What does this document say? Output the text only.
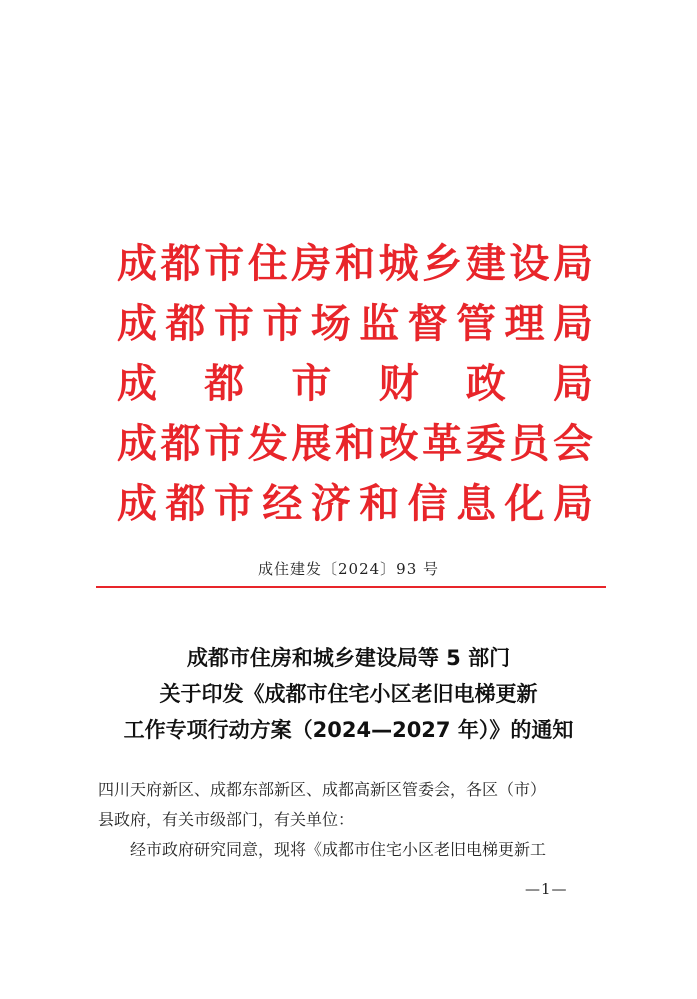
成 都 市 住 房 和 城 乡 建 设 局
成 都 市 市 场 监 督 管 理 局
成 都 市 财 政 局
成 都 市 发 展 和 改 革 委 员 会
成 都 市 经 济 和 信 息 化 局
成住建发〔2024〕93 号
成都市住房和城乡建设局等 5 部门
关于印发《成都市住宅小区老旧电梯更新
工作专项行动方案（2024—2027 年）》的通知

四川天府新区、成都东部新区、成都高新区管委会，各区（市）

县政府，有关市级部门，有关单位：

经市政府研究同意，现将《成都市住宅小区老旧电梯更新工

—1—
